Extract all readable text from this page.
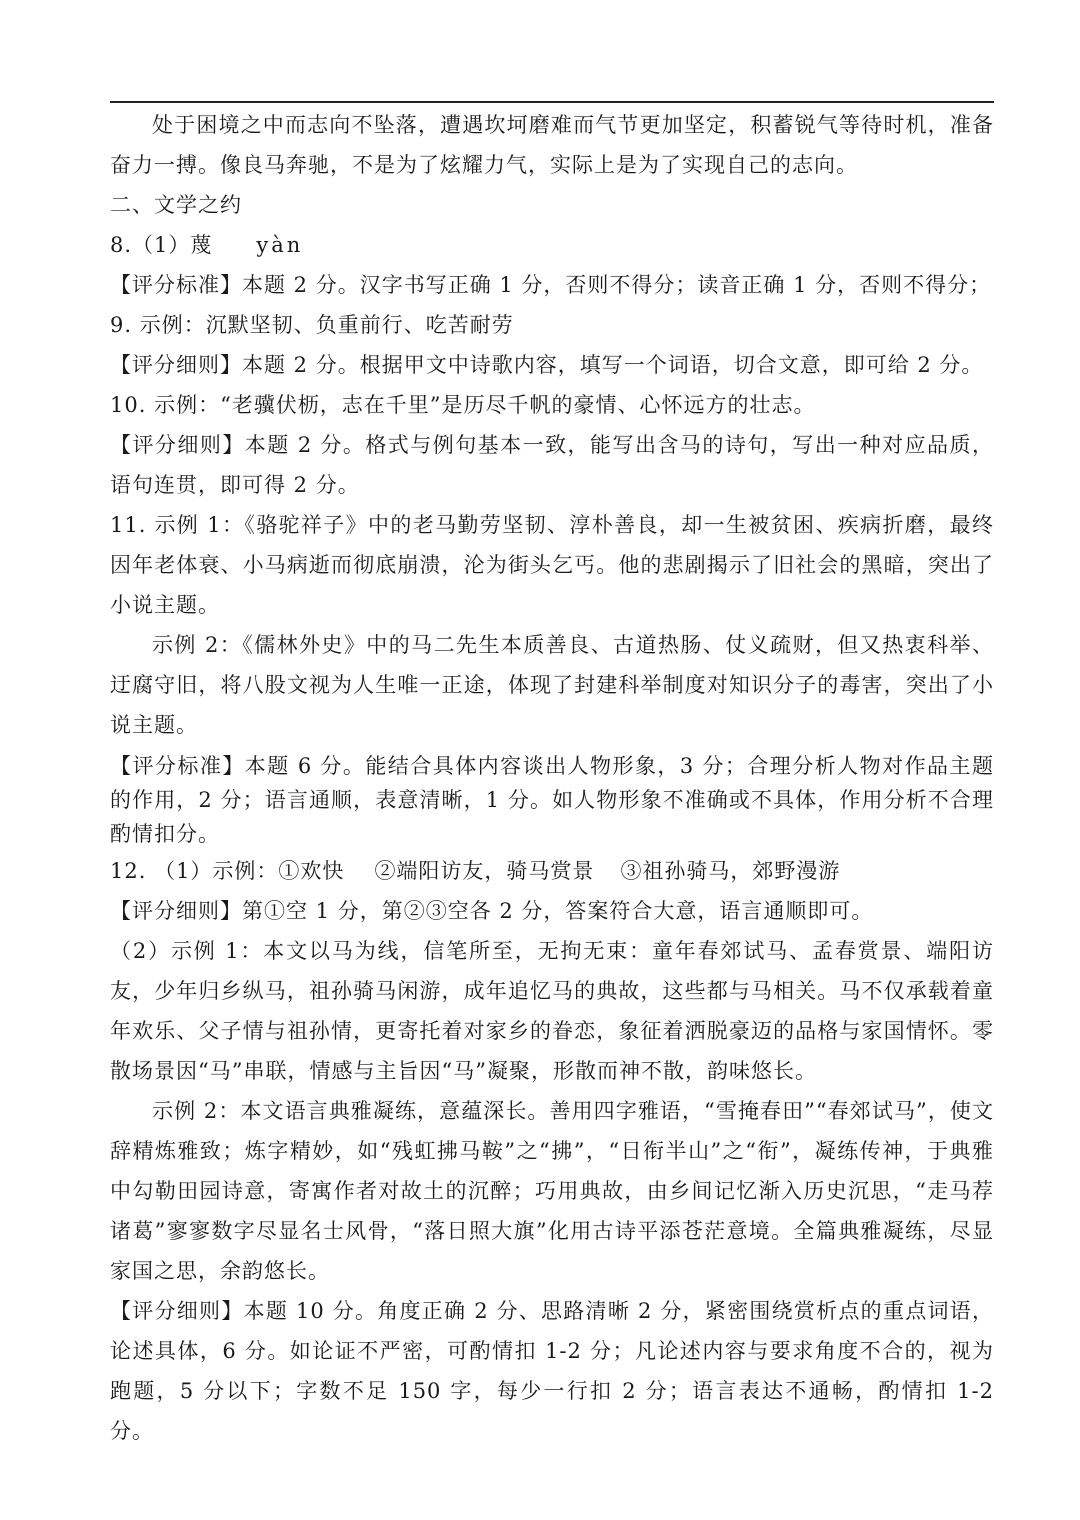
处于困境之中而志向不坠落，遭遇坎坷磨难而气节更加坚定，积蓄锐气等待时机，准备奋力一搏。像良马奔驰，不是为了炫耀力气，实际上是为了实现自己的志向。

二、文学之约

8.（1）蔑 yàn

【评分标准】本题 2 分。汉字书写正确 1 分，否则不得分；读音正确 1 分，否则不得分；

9. 示例：沉默坚韧、负重前行、吃苦耐劳

【评分细则】本题 2 分。根据甲文中诗歌内容，填写一个词语，切合文意，即可给 2 分。

10. 示例：“老骥伏枥，志在千里”是历尽千帆的豪情、心怀远方的壮志。

【评分细则】本题 2 分。格式与例句基本一致，能写出含马的诗句，写出一种对应品质，语句连贯，即可得 2 分。

11. 示例 1：《骆驼祥子》中的老马勤劳坚韧、淳朴善良，却一生被贫困、疾病折磨，最终因年老体衰、小马病逝而彻底崩溃，沦为街头乞丐。他的悲剧揭示了旧社会的黑暗，突出了小说主题。

示例 2：《儒林外史》中的马二先生本质善良、古道热肠、仗义疏财，但又热衷科举、迂腐守旧，将八股文视为人生唯一正途，体现了封建科举制度对知识分子的毒害，突出了小说主题。

【评分标准】本题 6 分。能结合具体内容谈出人物形象，3 分；合理分析人物对作品主题的作用，2 分；语言通顺，表意清晰，1 分。如人物形象不准确或不具体，作用分析不合理酌情扣分。

12. （1）示例：①欢快 ②端阳访友，骑马赏景 ③祖孙骑马，郊野漫游

【评分细则】第①空 1 分，第②③空各 2 分，答案符合大意，语言通顺即可。

（2）示例 1：本文以马为线，信笔所至，无拘无束：童年春郊试马、孟春赏景、端阳访友，少年归乡纵马，祖孙骑马闲游，成年追忆马的典故，这些都与马相关。马不仅承载着童年欢乐、父子情与祖孙情，更寄托着对家乡的眷恋，象征着洒脱豪迈的品格与家国情怀。零散场景因“马”串联，情感与主旨因“马”凝聚，形散而神不散，韵味悠长。

示例 2：本文语言典雅凝练，意蕴深长。善用四字雅语，“雪掩春田”“春郊试马”，使文辞精炼雅致；炼字精妙，如“残虹拂马鞍”之“拂”，“日衔半山”之“衔”，凝练传神，于典雅中勾勒田园诗意，寄寓作者对故土的沉醉；巧用典故，由乡间记忆渐入历史沉思，“走马荐诸葛”寥寥数字尽显名士风骨，“落日照大旗”化用古诗平添苍茫意境。全篇典雅凝练，尽显家国之思，余韵悠长。

【评分细则】本题 10 分。角度正确 2 分、思路清晰 2 分，紧密围绕赏析点的重点词语，论述具体，6 分。如论证不严密，可酌情扣 1-2 分；凡论述内容与要求角度不合的，视为跑题，5 分以下；字数不足 150 字，每少一行扣 2 分；语言表达不通畅，酌情扣 1-2 分。
